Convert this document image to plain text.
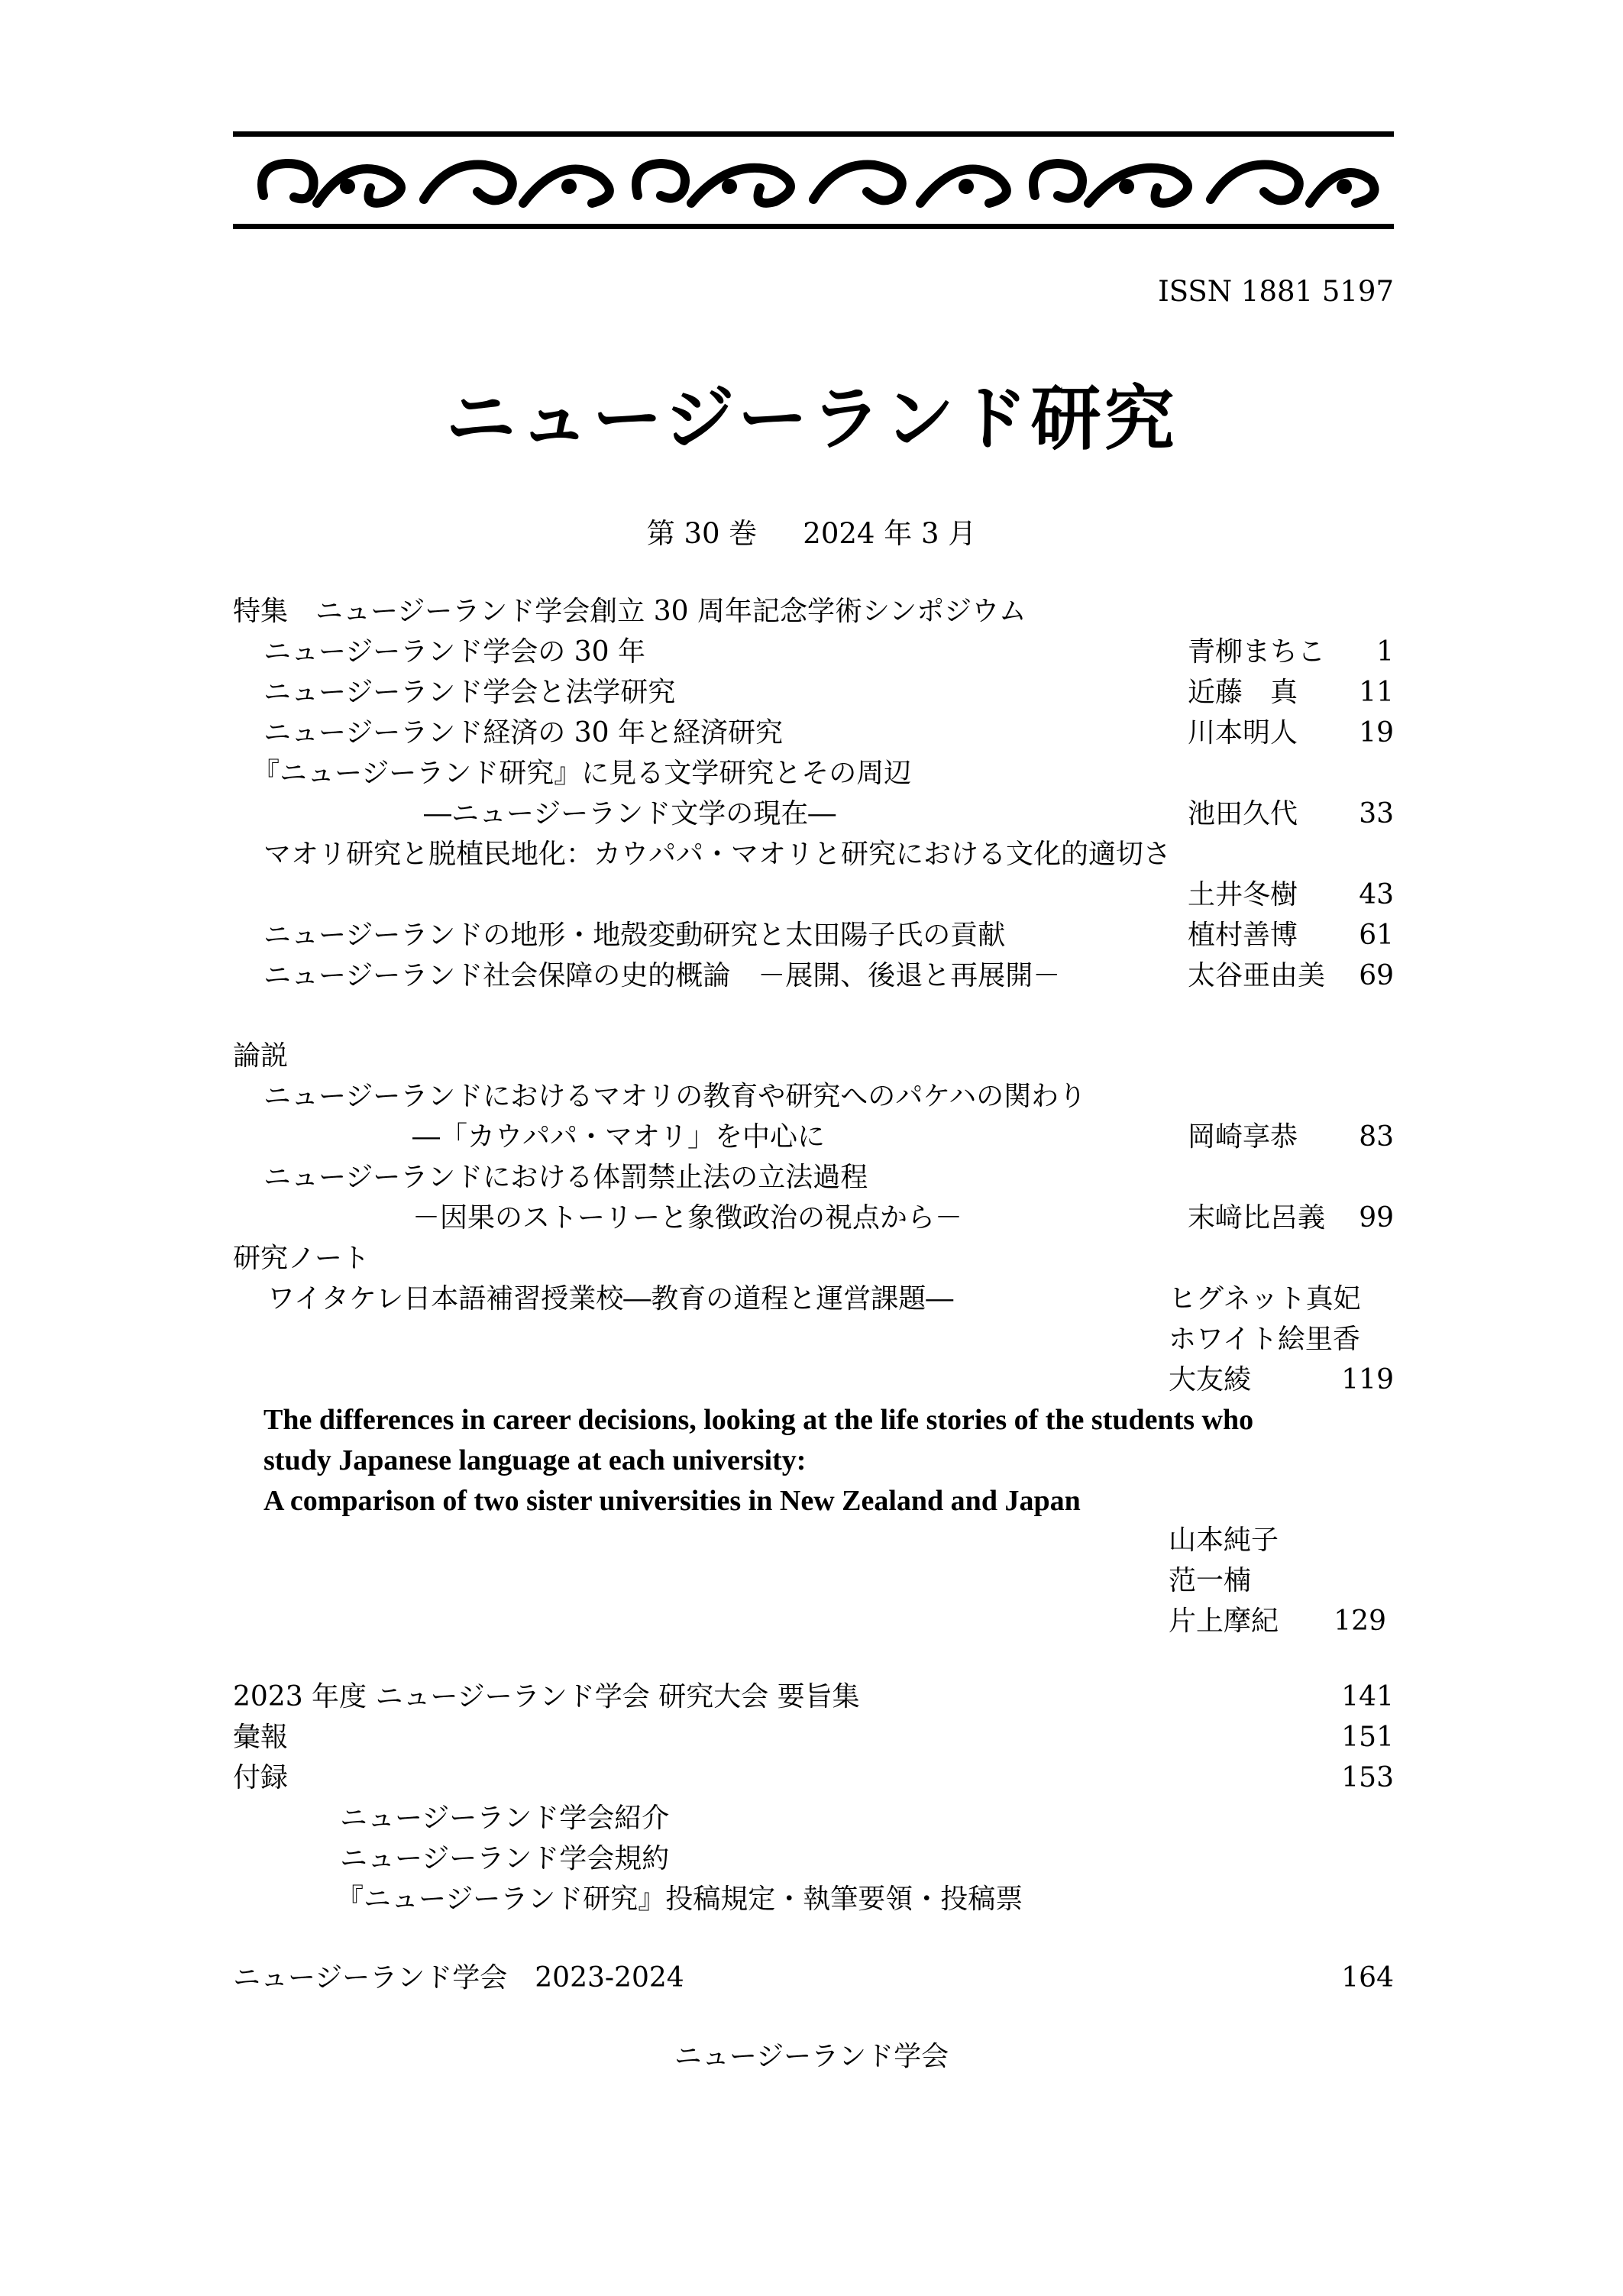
ISSN 1881 5197
ニュージーランド研究
第 30 巻 2024 年 3 月
特集　ニュージーランド学会創立 30 周年記念学術シンポジウム
ニュージーランド学会の 30 年	青柳まちこ 1
ニュージーランド学会と法学研究	近藤　真 11
ニュージーランド経済の 30 年と経済研究	川本明人 19
『ニュージーランド研究』に見る文学研究とその周辺
―ニュージーランド文学の現在―	池田久代 33
マオリ研究と脱植民地化：カウパパ・マオリと研究における文化的適切さ
土井冬樹 43
ニュージーランドの地形・地殻変動研究と太田陽子氏の貢献	植村善博 61
ニュージーランド社会保障の史的概論　－展開、後退と再展開－	太谷亜由美 69
論説
ニュージーランドにおけるマオリの教育や研究へのパケハの関わり
―「カウパパ・マオリ」を中心に	岡崎享恭 83
ニュージーランドにおける体罰禁止法の立法過程
－因果のストーリーと象徴政治の視点から－	末﨑比呂義 99
研究ノート
ワイタケレ日本語補習授業校―教育の道程と運営課題―	ヒグネット真妃
ホワイト絵里香
大友綾	119
The differences in career decisions, looking at the life stories of the students who
study Japanese language at each university:
A comparison of two sister universities in New Zealand and Japan
山本純子
范一楠
片上摩紀 129
2023 年度 ニュージーランド学会 研究大会 要旨集	141
彙報	151
付録	153
ニュージーランド学会紹介
ニュージーランド学会規約
『ニュージーランド研究』投稿規定・執筆要領・投稿票
ニュージーランド学会　2023-2024	164
ニュージーランド学会
